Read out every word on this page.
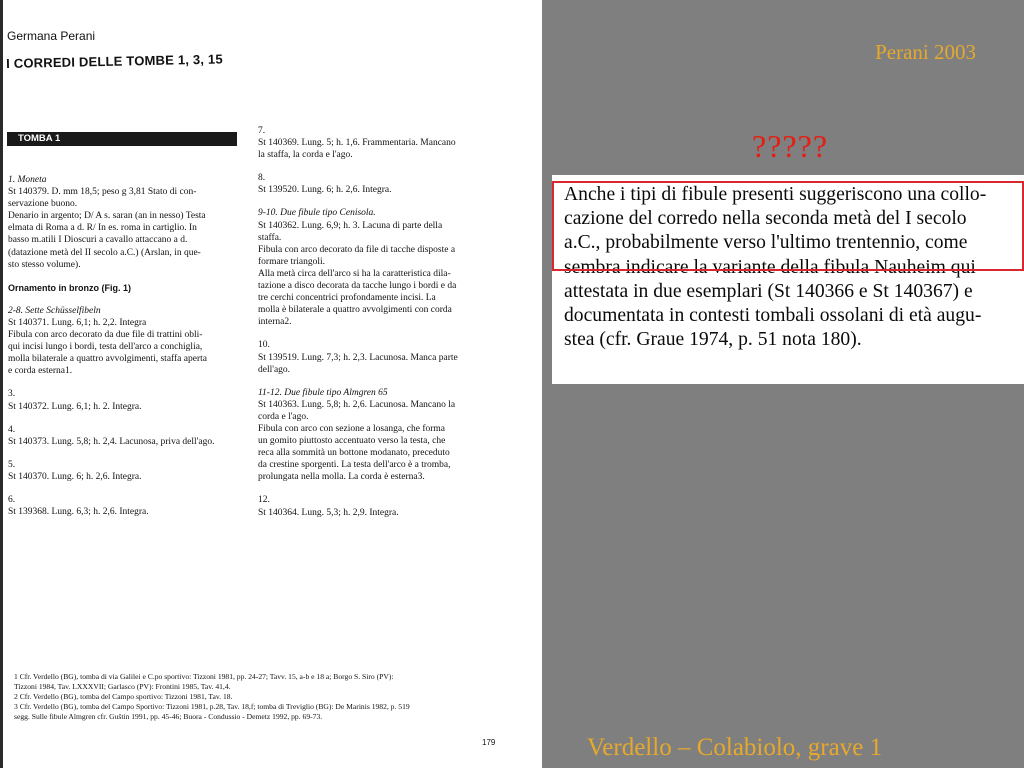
Germana Perani
I CORREDI DELLE TOMBE 1, 3, 15
TOMBA 1
1. Moneta
St 140379. D. mm 18,5; peso g 3,81 Stato di con-
servazione buono.
Denario in argento; D/ A s. saran (an in nesso) Testa
elmata di Roma a d. R/ In es. roma in cartiglio. In
basso m.atili I Dioscuri a cavallo attaccano a d.
(datazione metà del II secolo a.C.) (Arslan, in que-
sto stesso volume).
Ornamento in bronzo (Fig. 1)
2-8. Sette Schüsselfibeln
St 140371. Lung. 6,1; h. 2,2. Integra
Fibula con arco decorato da due file di trattini obli-
qui incisi lungo i bordi, testa dell'arco a conchiglia,
molla bilaterale a quattro avvolgimenti, staffa aperta
e corda esterna1.
3.
St 140372. Lung. 6,1; h. 2. Integra.
4.
St 140373. Lung. 5,8; h. 2,4. Lacunosa, priva dell'ago.
5.
St 140370. Lung. 6; h. 2,6. Integra.
6.
St 139368. Lung. 6,3; h. 2,6. Integra.
7.
St 140369. Lung. 5; h. 1,6. Frammentaria. Mancano
la staffa, la corda e l'ago.
8.
St 139520. Lung. 6; h. 2,6. Integra.
9-10. Due fibule tipo Cenisola.
St 140362. Lung. 6,9; h. 3. Lacuna di parte della
staffa.
Fibula con arco decorato da file di tacche disposte a
formare triangoli.
Alla metà circa dell'arco si ha la caratteristica dila-
tazione a disco decorata da tacche lungo i bordi e da
tre cerchi concentrici profondamente incisi. La
molla è bilaterale a quattro avvolgimenti con corda
interna2.
10.
St 139519. Lung. 7,3; h. 2,3. Lacunosa. Manca parte
dell'ago.
11-12. Due fibule tipo Almgren 65
St 140363. Lung. 5,8; h. 2,6. Lacunosa. Mancano la
corda e l'ago.
Fibula con arco con sezione a losanga, che forma
un gomito piuttosto accentuato verso la testa, che
reca alla sommità un bottone modanato, preceduto
da crestine sporgenti. La testa dell'arco è a tromba,
prolungata nella molla. La corda è esterna3.
12.
St 140364. Lung. 5,3; h. 2,9. Integra.
1 Cfr. Verdello (BG), tomba di via Galilei e C.po sportivo: Tizzoni 1981, pp. 24-27; Tavv. 15, a-b e 18 a; Borgo S. Siro (PV):
Tizzoni 1984, Tav. LXXXVII; Garlasco (PV): Frontini 1985, Tav. 41,4.
2 Cfr. Verdello (BG), tomba del Campo sportivo: Tizzoni 1981, Tav. 18.
3 Cfr. Verdello (BG), tomba del Campo Sportivo: Tizzoni 1981, p.28, Tav. 18,f; tomba di Treviglio (BG): De Marinis 1982, p. 519
segg. Sulle fibule Almgren cfr. Guštin 1991, pp. 45-46; Buora - Condussio - Demetz 1992, pp. 69-73.
179
Perani 2003
?????
Anche i tipi di fibule presenti suggeriscono una collo-
cazione del corredo nella seconda metà del I secolo
a.C., probabilmente verso l'ultimo trentennio, come
sembra indicare la variante della fibula Nauheim qui
attestata in due esemplari (St 140366 e St 140367) e
documentata in contesti tombali ossolani di età augu-
stea (cfr. Graue 1974, p. 51 nota 180).
Verdello – Colabiolo, grave 1
